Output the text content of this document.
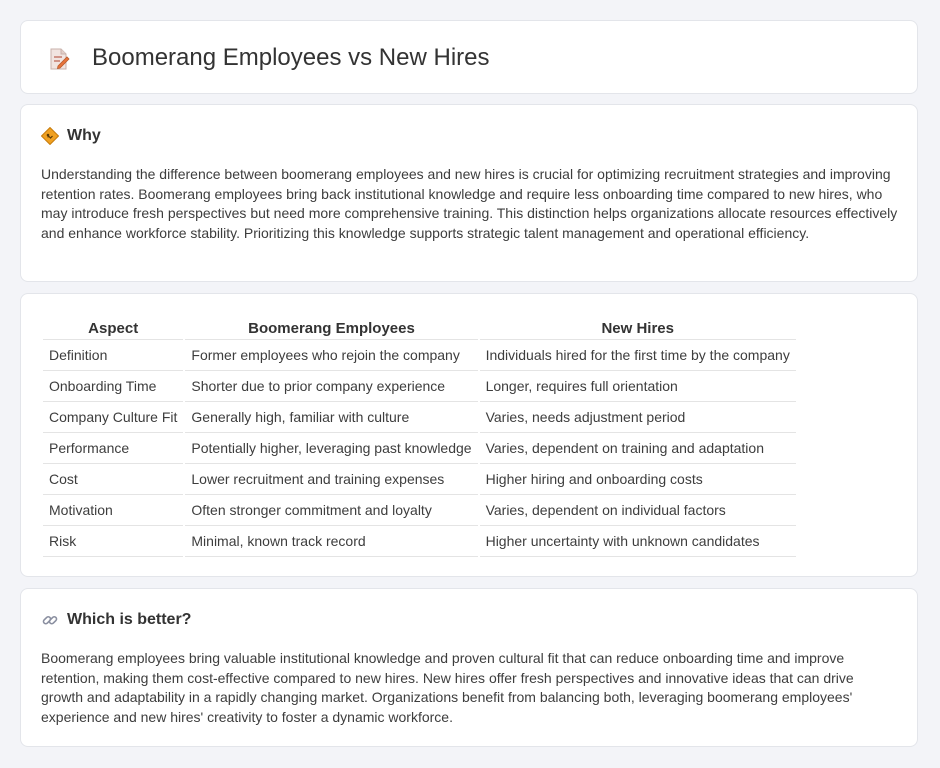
Boomerang Employees vs New Hires
Why

Understanding the difference between boomerang employees and new hires is crucial for optimizing recruitment strategies and improving retention rates. Boomerang employees bring back institutional knowledge and require less onboarding time compared to new hires, who may introduce fresh perspectives but need more comprehensive training. This distinction helps organizations allocate resources effectively and enhance workforce stability. Prioritizing this knowledge supports strategic talent management and operational efficiency.

Aspect	Boomerang Employees	New Hires
Definition	Former employees who rejoin the company	Individuals hired for the first time by the company
Onboarding Time	Shorter due to prior company experience	Longer, requires full orientation
Company Culture Fit	Generally high, familiar with culture	Varies, needs adjustment period
Performance	Potentially higher, leveraging past knowledge	Varies, dependent on training and adaptation
Cost	Lower recruitment and training expenses	Higher hiring and onboarding costs
Motivation	Often stronger commitment and loyalty	Varies, dependent on individual factors
Risk	Minimal, known track record	Higher uncertainty with unknown candidates
Which is better?

Boomerang employees bring valuable institutional knowledge and proven cultural fit that can reduce onboarding time and improve retention, making them cost-effective compared to new hires. New hires offer fresh perspectives and innovative ideas that can drive growth and adaptability in a rapidly changing market. Organizations benefit from balancing both, leveraging boomerang employees' experience and new hires' creativity to foster a dynamic workforce.
